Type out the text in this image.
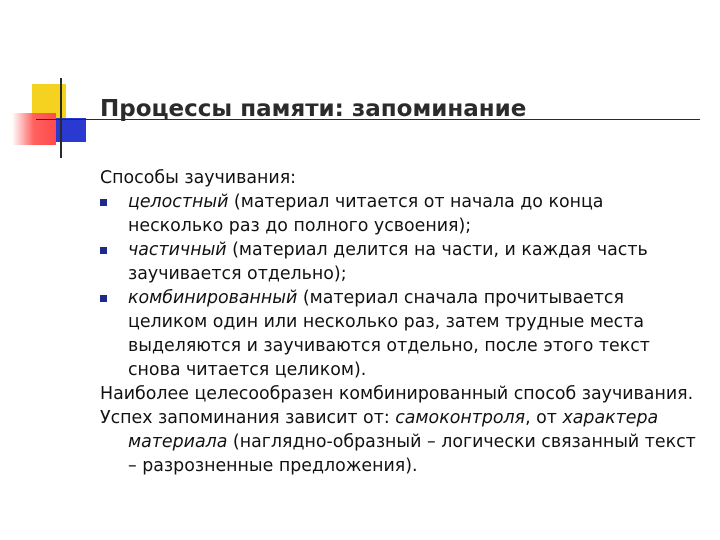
Процессы памяти: запоминание
Способы заучивания:
целостный (материал читается от начала до конца
несколько раз до полного усвоения);
частичный (материал делится на части, и каждая часть
заучивается отдельно);
комбинированный (материал сначала прочитывается
целиком один или несколько раз, затем трудные места
выделяются и заучиваются отдельно, после этого текст
снова читается целиком).
Наиболее целесообразен комбинированный способ заучивания.
Успех запоминания зависит от: самоконтроля, от характера
материала (наглядно-образный – логически связанный текст
– разрозненные предложения).
